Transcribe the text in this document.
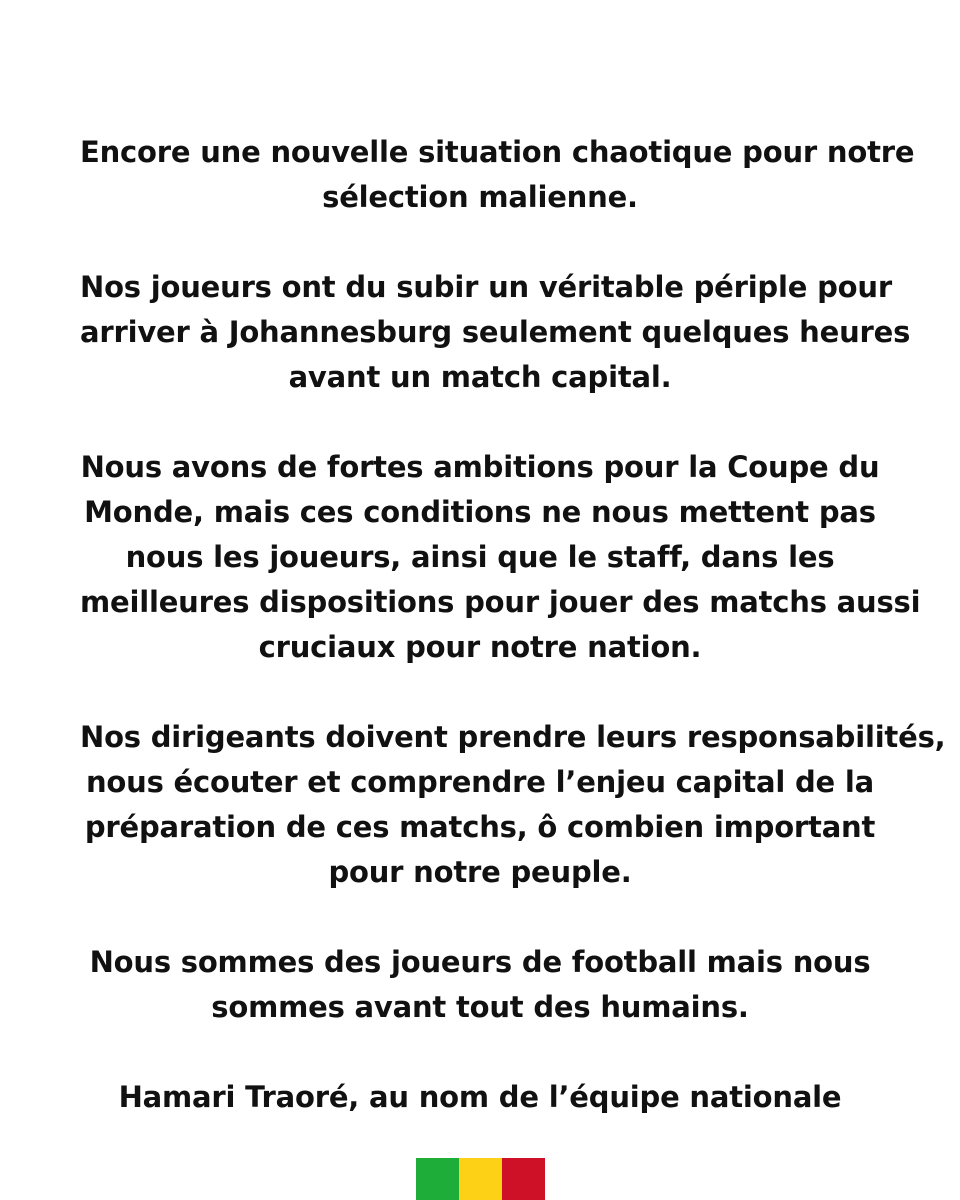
Encore une nouvelle situation chaotique pour notre
sélection malienne.

Nos joueurs ont du subir un véritable périple pour
arriver à Johannesburg seulement quelques heures
avant un match capital.

Nous avons de fortes ambitions pour la Coupe du
Monde, mais ces conditions ne nous mettent pas
nous les joueurs, ainsi que le staff, dans les
meilleures dispositions pour jouer des matchs aussi
cruciaux pour notre nation.

Nos dirigeants doivent prendre leurs responsabilités,
nous écouter et comprendre l’enjeu capital de la
préparation de ces matchs, ô combien important
pour notre peuple.

Nous sommes des joueurs de football mais nous
sommes avant tout des humains.

Hamari Traoré, au nom de l’équipe nationale
